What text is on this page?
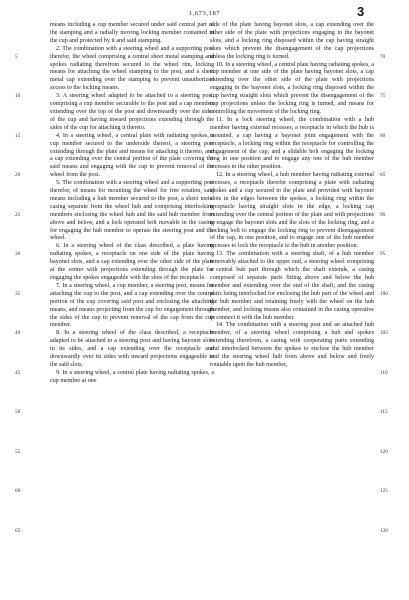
1,673,187	3
5
10
15
20
25
30
35
40
45
50
55
60
65

means including a cup member secured under said central part of the stamping and a radially moving locking member contained in the cup and protected by it and said stamping.

2. The combination with a steering wheel and a supporting post therefor, the wheel comprising a central sheet metal stamping and spokes radiating therefrom secured to the wheel rim, locking means for attaching the wheel stamping to the post, and a sheet metal cap extending over the stamping to prevent unauthorized access to the locking means.

3. A steering wheel adapted to be attached to a steering post, comprising a cup member securable to the post and a cap member extending over the top of the post and downwardly over the sides of the cup and having inward projections extending through the sides of the cup for attaching it thereto.

4. In a steering wheel, a central plate with radiating spokes, a cup member secured to the underside thereof, a steering post extending through the plate and means for attaching it thereto, and a cap extending over the central portion of the plate covering the said means and engaging with the cup to prevent removal of the wheel from the post.

5. The combination with a steering wheel and a supporting post therefor, of means for mounting the wheel for free rotation, said means including a hub member secured to the post, a sheet metal casing separate from the wheel hub and comprising interlocking members enclosing the wheel hub and the said hub member from above and below, and a lock operated bolt movable in the casing for engaging the hub member to operate the steering post and the wheel.

6. In a steering wheel of the class described, a plate having radiating spokes, a receptacle on one side of the plate having bayonet slots, and a cap extending over the other side of the plate at the center with projections extending through the plate for engaging the spokes engageable with the slots of the receptacle.

7. In a steering wheel, a cup member, a steering post, means for attaching the cup to the post, and a cap extending over the central portion of the cup covering said post and enclosing the attaching means, and means projecting from the cap for engagement through the sides of the cup to prevent removal of the cap from the cup member.

8. In a steering wheel of the class described, a receptacle adapted to be attached to a steering post and having bayonet slots in its sides, and a cap extending over the receptacle and downwardly over its sides with inward projections engageable in the said slots.

9. In a steering wheel, a central plate having radiating spokes, a cup member at one

side of the plate having bayonet slots, a cap extending over the other side of the plate with projections engaging in the bayonet slots, and a locking ring disposed within the cap having straight slots which prevent the disengagement of the cap projections unless the locking ring is turned.

10. In a steering wheel, a central plate having radiating spokes, a cup member at one side of the plate having bayonet slots, a cap extending over the other side of the plate with projections engaging in the bayonet slots, a locking ring disposed within the cup having straight slots which prevent the disengagement of the cap projections unless the locking ring is turned, and means for controlling the movement of the locking ring.

11. In a lock steering wheel, the combination with a hub member having external recesses, a receptacle in which the hub is mounted, a cap having a bayonet joint engagement with the receptacle, a locking ring within the receptacle for controlling the engagement of the cap, and a slidable bolt engaging the locking ring in one position and to engage any one of the hub member recesses in the other position.

12. In a steering wheel, a hub member having radiating external recesses, a receptacle therefor comprising a plate with radiating spokes and a cup secured to the plate and provided with bayonet slots in the edges between the spokes, a locking ring within the receptacle having straight slots in the edge, a locking cap extending over the central portion of the plate and with projections to engage the bayonet slots and the slots of the locking ring, and a locking bolt to engage the locking ring to prevent disengagement of the cap, in one position, and to engage one of the hub member recesses to lock the receptacle to the hub in another position.

13. The combination with a steering shaft, of a hub member removably attached to the upper end, a steering wheel comprising a central hub part through which the shaft extends, a casing composed of separate parts fitting above and below the hub member and extending over the end of the shaft, and the casing parts being interlocked for enclosing the hub part of the wheel and the hub member and retaining freely with the wheel on the hub member, and locking means also contained in the casing operative to connect it with the hub member.

14. The combination with a steering post and an attached hub member, of a steering wheel comprising a hub and spokes extending therefrom, a casing with cooperating parts extending and interlocked between the spokes to enclose the hub member and the steering wheel hub from above and below and freely rotatable upon the hub member,

70
75
80
85
90
95
100
105
110
115
120
125
130
